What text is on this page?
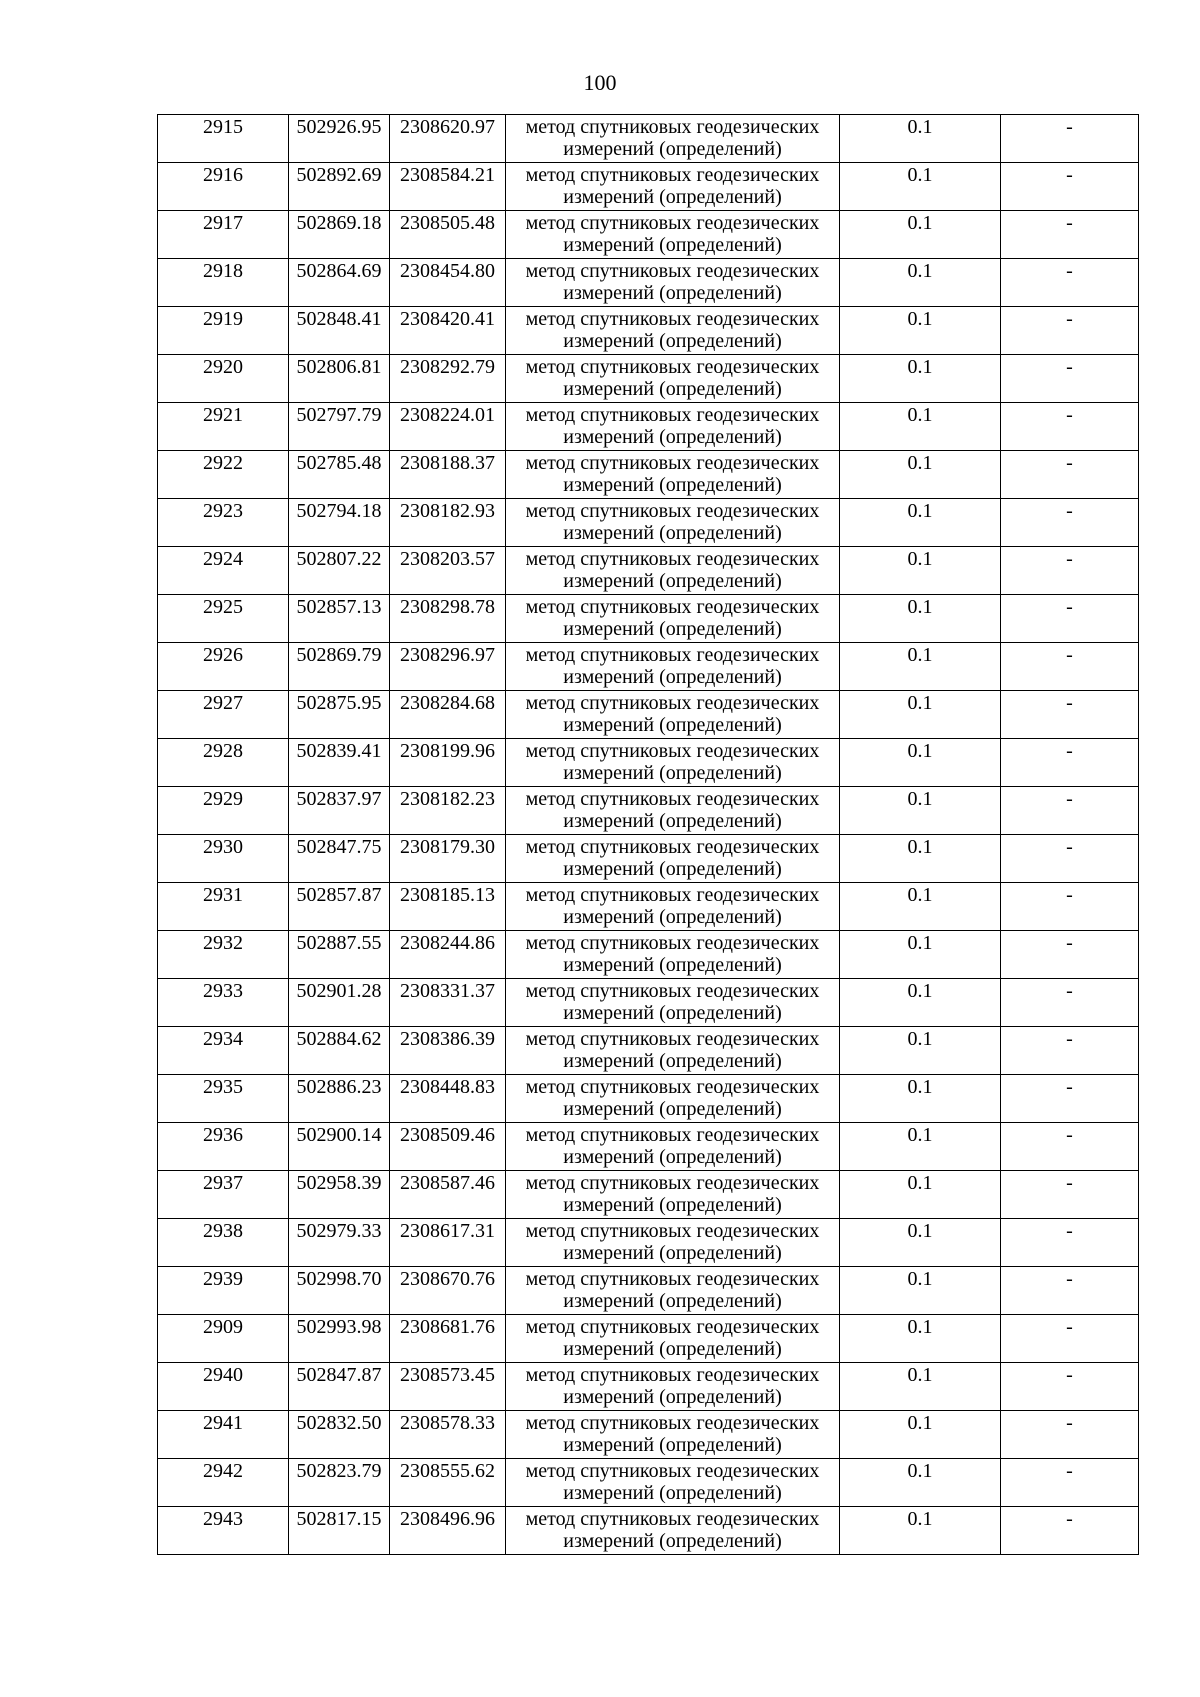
100
2915	502926.95	2308620.97	метод спутниковых геодезических
измерений (определений)	0.1	-
2916	502892.69	2308584.21	метод спутниковых геодезических
измерений (определений)	0.1	-
2917	502869.18	2308505.48	метод спутниковых геодезических
измерений (определений)	0.1	-
2918	502864.69	2308454.80	метод спутниковых геодезических
измерений (определений)	0.1	-
2919	502848.41	2308420.41	метод спутниковых геодезических
измерений (определений)	0.1	-
2920	502806.81	2308292.79	метод спутниковых геодезических
измерений (определений)	0.1	-
2921	502797.79	2308224.01	метод спутниковых геодезических
измерений (определений)	0.1	-
2922	502785.48	2308188.37	метод спутниковых геодезических
измерений (определений)	0.1	-
2923	502794.18	2308182.93	метод спутниковых геодезических
измерений (определений)	0.1	-
2924	502807.22	2308203.57	метод спутниковых геодезических
измерений (определений)	0.1	-
2925	502857.13	2308298.78	метод спутниковых геодезических
измерений (определений)	0.1	-
2926	502869.79	2308296.97	метод спутниковых геодезических
измерений (определений)	0.1	-
2927	502875.95	2308284.68	метод спутниковых геодезических
измерений (определений)	0.1	-
2928	502839.41	2308199.96	метод спутниковых геодезических
измерений (определений)	0.1	-
2929	502837.97	2308182.23	метод спутниковых геодезических
измерений (определений)	0.1	-
2930	502847.75	2308179.30	метод спутниковых геодезических
измерений (определений)	0.1	-
2931	502857.87	2308185.13	метод спутниковых геодезических
измерений (определений)	0.1	-
2932	502887.55	2308244.86	метод спутниковых геодезических
измерений (определений)	0.1	-
2933	502901.28	2308331.37	метод спутниковых геодезических
измерений (определений)	0.1	-
2934	502884.62	2308386.39	метод спутниковых геодезических
измерений (определений)	0.1	-
2935	502886.23	2308448.83	метод спутниковых геодезических
измерений (определений)	0.1	-
2936	502900.14	2308509.46	метод спутниковых геодезических
измерений (определений)	0.1	-
2937	502958.39	2308587.46	метод спутниковых геодезических
измерений (определений)	0.1	-
2938	502979.33	2308617.31	метод спутниковых геодезических
измерений (определений)	0.1	-
2939	502998.70	2308670.76	метод спутниковых геодезических
измерений (определений)	0.1	-
2909	502993.98	2308681.76	метод спутниковых геодезических
измерений (определений)	0.1	-
2940	502847.87	2308573.45	метод спутниковых геодезических
измерений (определений)	0.1	-
2941	502832.50	2308578.33	метод спутниковых геодезических
измерений (определений)	0.1	-
2942	502823.79	2308555.62	метод спутниковых геодезических
измерений (определений)	0.1	-
2943	502817.15	2308496.96	метод спутниковых геодезических
измерений (определений)	0.1	-
